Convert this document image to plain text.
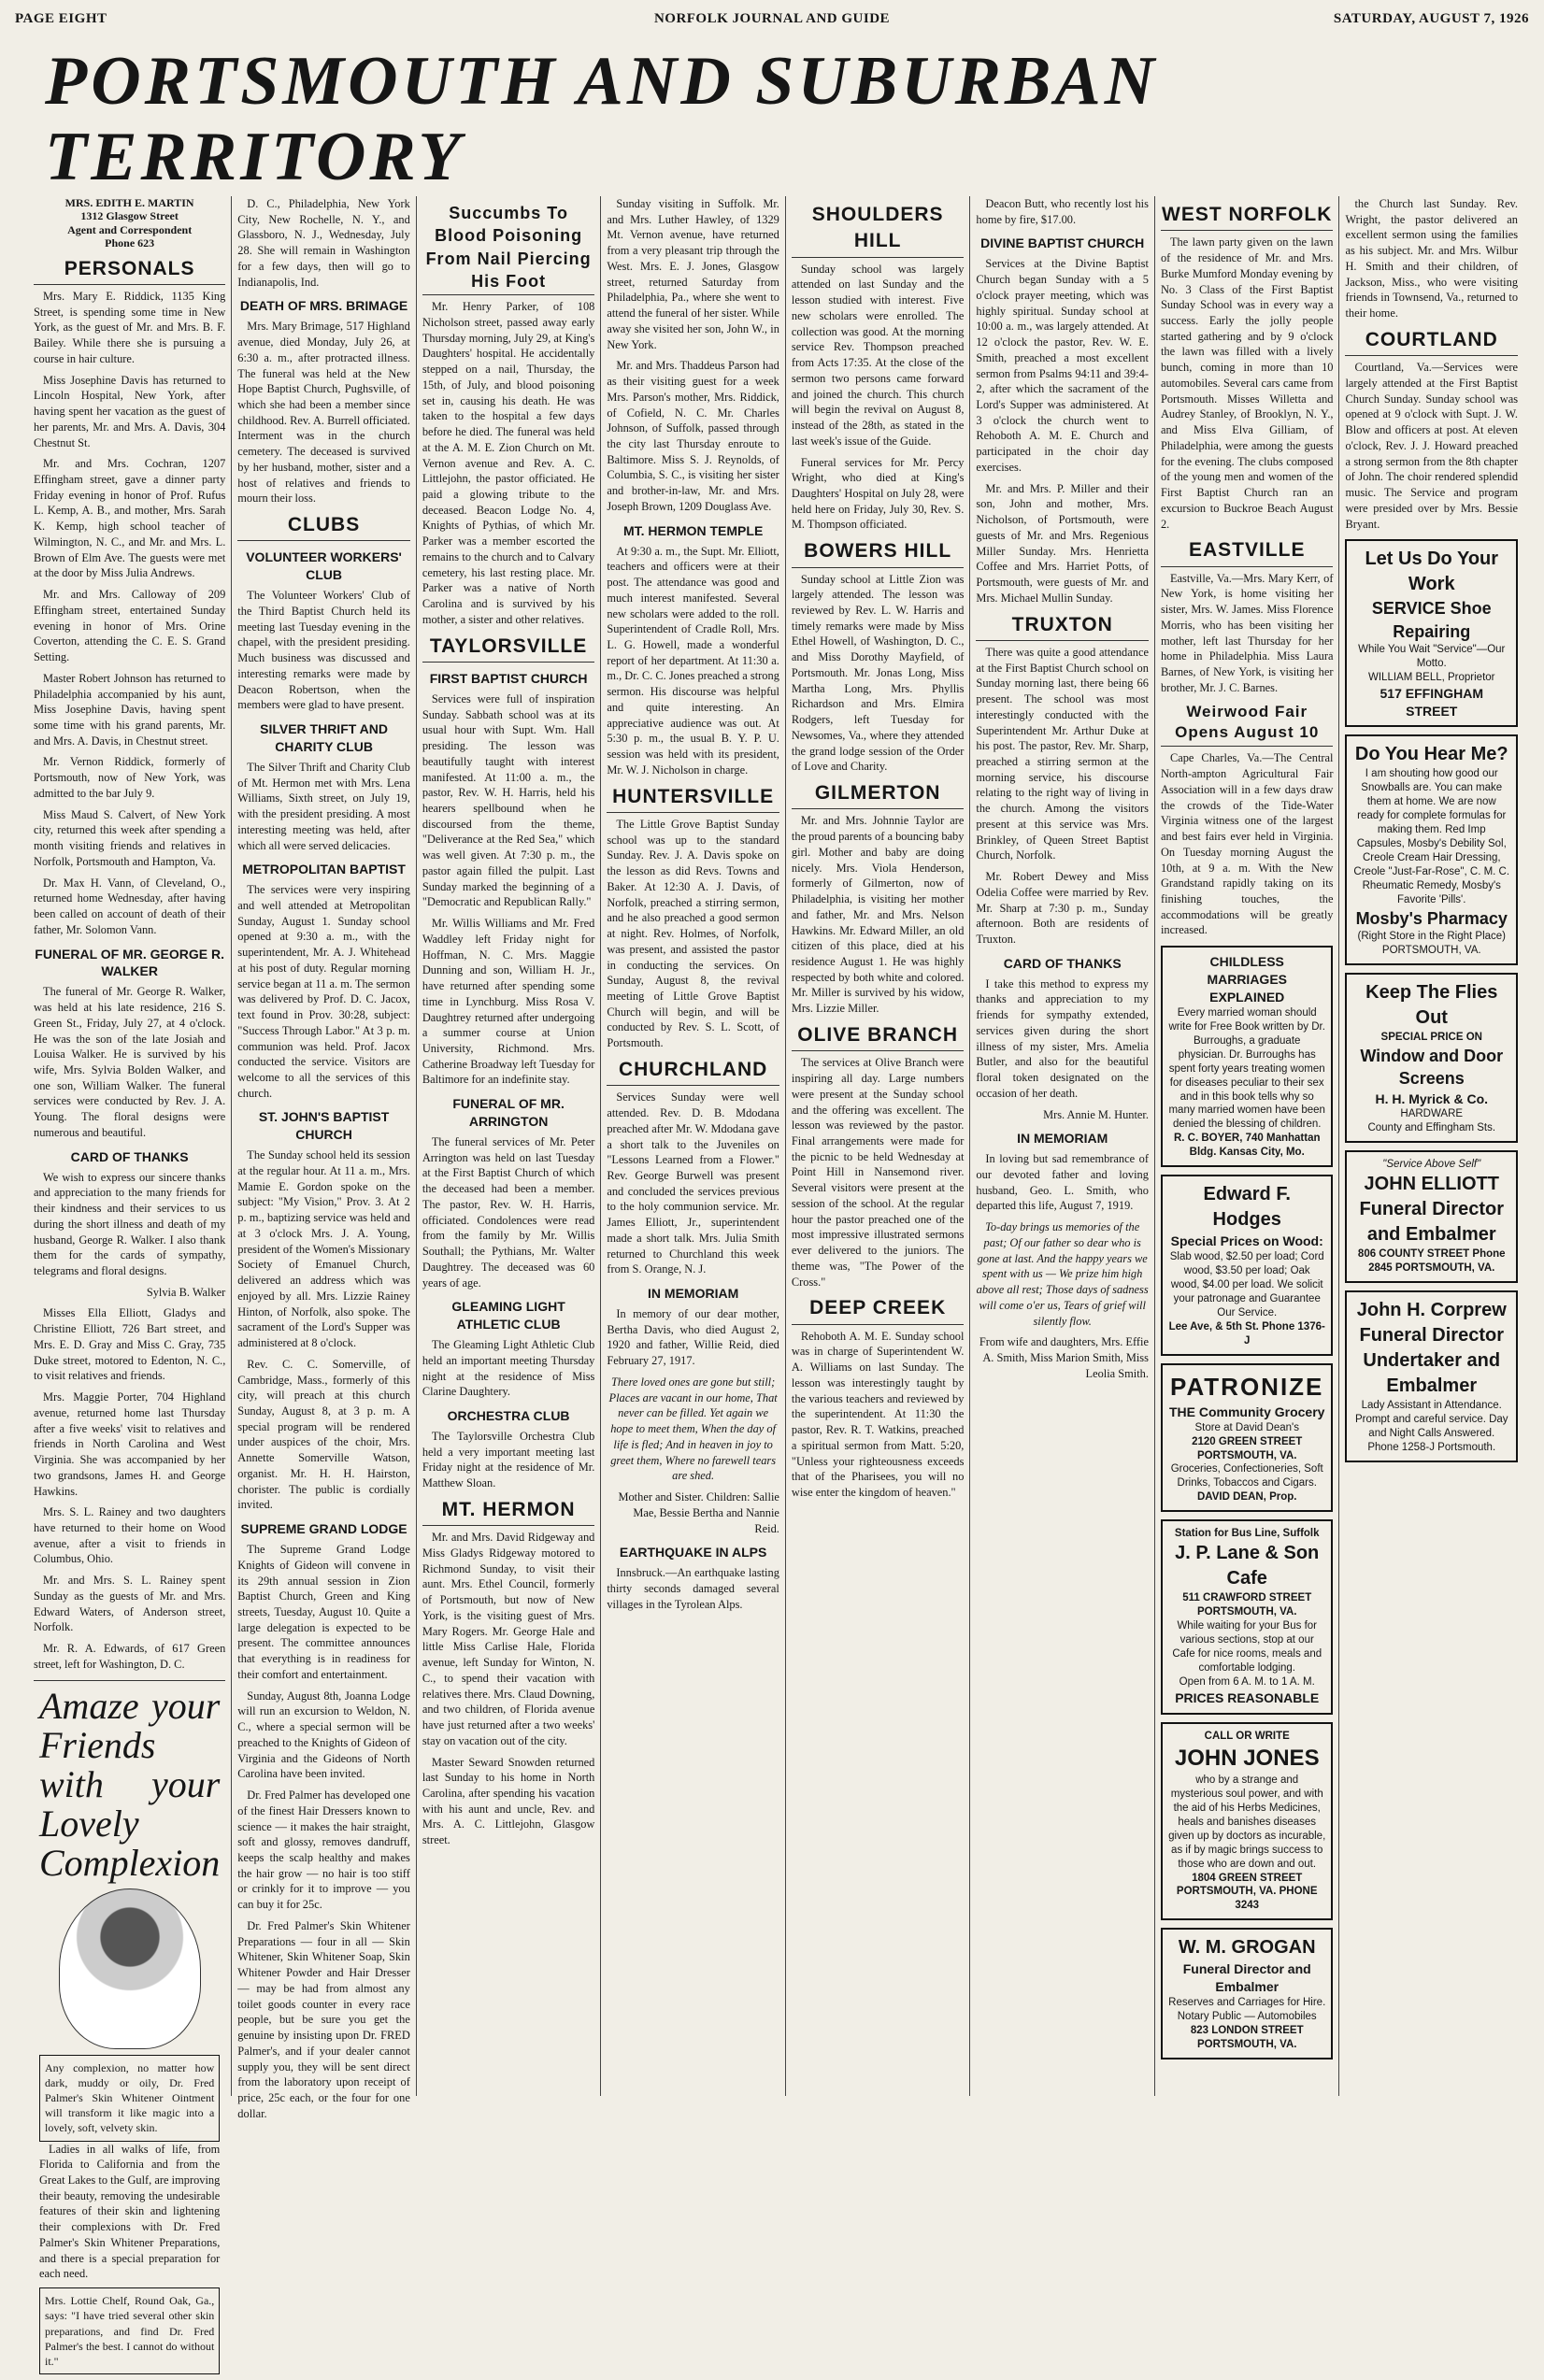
PAGE EIGHT	NORFOLK JOURNAL AND GUIDE	SATURDAY, AUGUST 7, 1926
PORTSMOUTH AND SUBURBAN TERRITORY
MRS. EDITH E. MARTIN
1312 Glasgow Street
Agent and Correspondent
Phone 623
PERSONALS

Mrs. Mary E. Riddick, 1135 King Street, is spending some time in New York, as the guest of Mr. and Mrs. B. F. Bailey. While there she is pursuing a course in hair culture.

Miss Josephine Davis has returned to Lincoln Hospital, New York, after having spent her vacation as the guest of her parents, Mr. and Mrs. A. Davis, 304 Chestnut St.

Mr. and Mrs. Cochran, 1207 Effingham street, gave a dinner party Friday evening in honor of Prof. Rufus L. Kemp, A. B., and mother, Mrs. Sarah K. Kemp, high school teacher of Wilmington, N. C., and Mr. and Mrs. L. Brown of Elm Ave. The guests were met at the door by Miss Julia Andrews.

Mr. and Mrs. Calloway of 209 Effingham street, entertained Sunday evening in honor of Mrs. Orine Coverton, attending the C. E. S. Grand Setting.

Master Robert Johnson has returned to Philadelphia accompanied by his aunt, Miss Josephine Davis, having spent some time with his grand parents, Mr. and Mrs. A. Davis, in Chestnut street.

Mr. Vernon Riddick, formerly of Portsmouth, now of New York, was admitted to the bar July 9.

Miss Maud S. Calvert, of New York city, returned this week after spending a month visiting friends and relatives in Norfolk, Portsmouth and Hampton, Va.

Dr. Max H. Vann, of Cleveland, O., returned home Wednesday, after having been called on account of death of their father, Mr. Solomon Vann.

FUNERAL OF MR. GEORGE R. WALKER

The funeral of Mr. George R. Walker, was held at his late residence, 216 S. Green St., Friday, July 27, at 4 o'clock. He was the son of the late Josiah and Louisa Walker. He is survived by his wife, Mrs. Sylvia Bolden Walker, and one son, William Walker. The funeral services were conducted by Rev. J. A. Young. The floral designs were numerous and beautiful.

CARD OF THANKS

We wish to express our sincere thanks and appreciation to the many friends for their kindness and their services to us during the short illness and death of my husband, George R. Walker. I also thank them for the cards of sympathy, telegrams and floral designs.

Sylvia B. Walker

Misses Ella Elliott, Gladys and Christine Elliott, 726 Bart street, and Mrs. E. D. Gray and Miss C. Gray, 735 Duke street, motored to Edenton, N. C., to visit relatives and friends.

Mrs. Maggie Porter, 704 Highland avenue, returned home last Thursday after a five weeks' visit to relatives and friends in North Carolina and West Virginia. She was accompanied by her two grandsons, James H. and George Hawkins.

Mrs. S. L. Rainey and two daughters have returned to their home on Wood avenue, after a visit to friends in Columbus, Ohio.

Mr. and Mrs. S. L. Rainey spent Sunday as the guests of Mr. and Mrs. Edward Waters, of Anderson street, Norfolk.

Mr. R. A. Edwards, of 617 Green street, left for Washington, D. C.

Amaze your Friends with your Lovely Complexion
Any complexion, no matter how dark, muddy or oily, Dr. Fred Palmer's Skin Whitener Ointment will transform it like magic into a lovely, soft, velvety skin.

Ladies in all walks of life, from Florida to California and from the Great Lakes to the Gulf, are improving their beauty, removing the undesirable features of their skin and lightening their complexions with Dr. Fred Palmer's Skin Whitener Preparations, and there is a special preparation for each need.

Mrs. Lottie Chelf, Round Oak, Ga., says: "I have tried several other skin preparations, and find Dr. Fred Palmer's the best. I cannot do without it."

D. C., Philadelphia, New York City, New Rochelle, N. Y., and Glassboro, N. J., Wednesday, July 28. She will remain in Washington for a few days, then will go to Indianapolis, Ind.

DEATH OF MRS. BRIMAGE

Mrs. Mary Brimage, 517 Highland avenue, died Monday, July 26, at 6:30 a. m., after protracted illness. The funeral was held at the New Hope Baptist Church, Pughsville, of which she had been a member since childhood. Rev. A. Burrell officiated. Interment was in the church cemetery. The deceased is survived by her husband, mother, sister and a host of relatives and friends to mourn their loss.

CLUBS
VOLUNTEER WORKERS' CLUB

The Volunteer Workers' Club of the Third Baptist Church held its meeting last Tuesday evening in the chapel, with the president presiding. Much business was discussed and interesting remarks were made by Deacon Robertson, when the members were glad to have present.

SILVER THRIFT AND CHARITY CLUB

The Silver Thrift and Charity Club of Mt. Hermon met with Mrs. Lena Williams, Sixth street, on July 19, with the president presiding. A most interesting meeting was held, after which all were served delicacies.

METROPOLITAN BAPTIST

The services were very inspiring and well attended at Metropolitan Sunday, August 1. Sunday school opened at 9:30 a. m., with the superintendent, Mr. A. J. Whitehead at his post of duty. Regular morning service began at 11 a. m. The sermon was delivered by Prof. D. C. Jacox, text found in Prov. 30:28, subject: "Success Through Labor." At 3 p. m. communion was held. Prof. Jacox conducted the service. Visitors are welcome to all the services of this church.

ST. JOHN'S BAPTIST CHURCH

The Sunday school held its session at the regular hour. At 11 a. m., Mrs. Mamie E. Gordon spoke on the subject: "My Vision," Prov. 3. At 2 p. m., baptizing service was held and at 3 o'clock Mrs. J. A. Young, president of the Women's Missionary Society of Emanuel Church, delivered an address which was enjoyed by all. Mrs. Lizzie Rainey Hinton, of Norfolk, also spoke. The sacrament of the Lord's Supper was administered at 8 o'clock.

Rev. C. C. Somerville, of Cambridge, Mass., formerly of this city, will preach at this church Sunday, August 8, at 3 p. m. A special program will be rendered under auspices of the choir, Mrs. Annette Somerville Watson, organist. Mr. H. H. Hairston, chorister. The public is cordially invited.

SUPREME GRAND LODGE

The Supreme Grand Lodge Knights of Gideon will convene in its 29th annual session in Zion Baptist Church, Green and King streets, Tuesday, August 10. Quite a large delegation is expected to be present. The committee announces that everything is in readiness for their comfort and entertainment.

Sunday, August 8th, Joanna Lodge will run an excursion to Weldon, N. C., where a special sermon will be preached to the Knights of Gideon of Virginia and the Gideons of North Carolina have been invited.

Dr. Fred Palmer has developed one of the finest Hair Dressers known to science — it makes the hair straight, soft and glossy, removes dandruff, keeps the scalp healthy and makes the hair grow — no hair is too stiff or crinkly for it to improve — you can buy it for 25c.

Dr. Fred Palmer's Skin Whitener Preparations — four in all — Skin Whitener, Skin Whitener Soap, Skin Whitener Powder and Hair Dresser — may be had from almost any toilet goods counter in every race people, but be sure you get the genuine by insisting upon Dr. FRED Palmer's, and if your dealer cannot supply you, they will be sent direct from the laboratory upon receipt of price, 25c each, or the four for one dollar.

Succumbs To Blood Poisoning From Nail Piercing His Foot

Mr. Henry Parker, of 108 Nicholson street, passed away early Thursday morning, July 29, at King's Daughters' hospital. He accidentally stepped on a nail, Thursday, the 15th, of July, and blood poisoning set in, causing his death. He was taken to the hospital a few days before he died. The funeral was held at the A. M. E. Zion Church on Mt. Vernon avenue and Rev. A. C. Littlejohn, the pastor officiated. He paid a glowing tribute to the deceased. Beacon Lodge No. 4, Knights of Pythias, of which Mr. Parker was a member escorted the remains to the church and to Calvary cemetery, his last resting place. Mr. Parker was a native of North Carolina and is survived by his mother, a sister and other relatives.

TAYLORSVILLE
FIRST BAPTIST CHURCH

Services were full of inspiration Sunday. Sabbath school was at its usual hour with Supt. Wm. Hall presiding. The lesson was beautifully taught with interest manifested. At 11:00 a. m., the pastor, Rev. W. H. Harris, held his hearers spellbound when he discoursed from the theme, "Deliverance at the Red Sea," which was well given. At 7:30 p. m., the pastor again filled the pulpit. Last Sunday marked the beginning of a "Democratic and Republican Rally."

Mr. Willis Williams and Mr. Fred Waddley left Friday night for Hoffman, N. C. Mrs. Maggie Dunning and son, William H. Jr., have returned after spending some time in Lynchburg. Miss Rosa V. Daughtrey returned after undergoing a summer course at Union University, Richmond. Mrs. Catherine Broadway left Tuesday for Baltimore for an indefinite stay.

FUNERAL OF MR. ARRINGTON

The funeral services of Mr. Peter Arrington was held on last Tuesday at the First Baptist Church of which the deceased had been a member. The pastor, Rev. W. H. Harris, officiated. Condolences were read from the family by Mr. Willis Southall; the Pythians, Mr. Walter Daughtrey. The deceased was 60 years of age.

GLEAMING LIGHT ATHLETIC CLUB

The Gleaming Light Athletic Club held an important meeting Thursday night at the residence of Miss Clarine Daughtery.

ORCHESTRA CLUB

The Taylorsville Orchestra Club held a very important meeting last Friday night at the residence of Mr. Matthew Sloan.

MT. HERMON

Mr. and Mrs. David Ridgeway and Miss Gladys Ridgeway motored to Richmond Sunday, to visit their aunt. Mrs. Ethel Council, formerly of Portsmouth, but now of New York, is the visiting guest of Mrs. Mary Rogers. Mr. George Hale and little Miss Carlise Hale, Florida avenue, left Sunday for Winton, N. C., to spend their vacation with relatives there. Mrs. Claud Downing, and two children, of Florida avenue have just returned after a two weeks' stay on vacation out of the city.

Master Seward Snowden returned last Sunday to his home in North Carolina, after spending his vacation with his aunt and uncle, Rev. and Mrs. A. C. Littlejohn, Glasgow street.

Sunday visiting in Suffolk. Mr. and Mrs. Luther Hawley, of 1329 Mt. Vernon avenue, have returned from a very pleasant trip through the West. Mrs. E. J. Jones, Glasgow street, returned Saturday from Philadelphia, Pa., where she went to attend the funeral of her sister. While away she visited her son, John W., in New York.

Mr. and Mrs. Thaddeus Parson had as their visiting guest for a week Mrs. Parson's mother, Mrs. Riddick, of Cofield, N. C. Mr. Charles Johnson, of Suffolk, passed through the city last Thursday enroute to Baltimore. Miss S. J. Reynolds, of Columbia, S. C., is visiting her sister and brother-in-law, Mr. and Mrs. Joseph Brown, 1209 Douglass Ave.

MT. HERMON TEMPLE

At 9:30 a. m., the Supt. Mr. Elliott, teachers and officers were at their post. The attendance was good and much interest manifested. Several new scholars were added to the roll. Superintendent of Cradle Roll, Mrs. L. G. Howell, made a wonderful report of her department. At 11:30 a. m., Dr. C. C. Jones preached a strong sermon. His discourse was helpful and quite interesting. An appreciative audience was out. At 5:30 p. m., the usual B. Y. P. U. session was held with its president, Mr. W. J. Nicholson in charge.

HUNTERSVILLE

The Little Grove Baptist Sunday school was up to the standard Sunday. Rev. J. A. Davis spoke on the lesson as did Revs. Towns and Baker. At 12:30 A. J. Davis, of Norfolk, preached a stirring sermon, and he also preached a good sermon at night. Rev. Holmes, of Norfolk, was present, and assisted the pastor in conducting the services. On Sunday, August 8, the revival meeting of Little Grove Baptist Church will begin, and will be conducted by Rev. S. L. Scott, of Portsmouth.

CHURCHLAND

Services Sunday were well attended. Rev. D. B. Mdodana preached after Mr. W. Mdodana gave a short talk to the Juveniles on "Lessons Learned from a Flower." Rev. George Burwell was present and concluded the services previous to the holy communion service. Mr. James Elliott, Jr., superintendent made a short talk. Mrs. Julia Smith returned to Churchland this week from S. Orange, N. J.

IN MEMORIAM

In memory of our dear mother, Bertha Davis, who died August 2, 1920 and father, Willie Reid, died February 27, 1917.

There loved ones are gone but still; Places are vacant in our home, That never can be filled. Yet again we hope to meet them, When the day of life is fled; And in heaven in joy to greet them, Where no farewell tears are shed.

Mother and Sister. Children: Sallie Mae, Bessie Bertha and Nannie Reid.

EARTHQUAKE IN ALPS

Innsbruck.—An earthquake lasting thirty seconds damaged several villages in the Tyrolean Alps.

SHOULDERS HILL

Sunday school was largely attended on last Sunday and the lesson studied with interest. Five new scholars were enrolled. The collection was good. At the morning service Rev. Thompson preached from Acts 17:35. At the close of the sermon two persons came forward and joined the church. This church will begin the revival on August 8, instead of the 28th, as stated in the last week's issue of the Guide.

Funeral services for Mr. Percy Wright, who died at King's Daughters' Hospital on July 28, were held here on Friday, July 30, Rev. S. M. Thompson officiated.

BOWERS HILL

Sunday school at Little Zion was largely attended. The lesson was reviewed by Rev. L. W. Harris and timely remarks were made by Miss Ethel Howell, of Washington, D. C., and Miss Dorothy Mayfield, of Portsmouth. Mr. Jonas Long, Miss Martha Long, Mrs. Phyllis Richardson and Mrs. Elmira Rodgers, left Tuesday for Newsomes, Va., where they attended the grand lodge session of the Order of Love and Charity.

GILMERTON

Mr. and Mrs. Johnnie Taylor are the proud parents of a bouncing baby girl. Mother and baby are doing nicely. Mrs. Viola Henderson, formerly of Gilmerton, now of Philadelphia, is visiting her mother and father, Mr. and Mrs. Nelson Hawkins. Mr. Edward Miller, an old citizen of this place, died at his residence August 1. He was highly respected by both white and colored. Mr. Miller is survived by his widow, Mrs. Lizzie Miller.

OLIVE BRANCH

The services at Olive Branch were inspiring all day. Large numbers were present at the Sunday school and the offering was excellent. The lesson was reviewed by the pastor. Final arrangements were made for the picnic to be held Wednesday at Point Hill in Nansemond river. Several visitors were present at the session of the school. At the regular hour the pastor preached one of the most impressive illustrated sermons ever delivered to the juniors. The theme was, "The Power of the Cross."

DEEP CREEK

Rehoboth A. M. E. Sunday school was in charge of Superintendent W. A. Williams on last Sunday. The lesson was interestingly taught by the various teachers and reviewed by the superintendent. At 11:30 the pastor, Rev. R. T. Watkins, preached a spiritual sermon from Matt. 5:20, "Unless your righteousness exceeds that of the Pharisees, you will no wise enter the kingdom of heaven."

Deacon Butt, who recently lost his home by fire, $17.00.

DIVINE BAPTIST CHURCH

Services at the Divine Baptist Church began Sunday with a 5 o'clock prayer meeting, which was highly spiritual. Sunday school at 10:00 a. m., was largely attended. At 12 o'clock the pastor, Rev. W. E. Smith, preached a most excellent sermon from Psalms 94:11 and 39:4-2, after which the sacrament of the Lord's Supper was administered. At 3 o'clock the church went to Rehoboth A. M. E. Church and participated in the choir day exercises.

Mr. and Mrs. P. Miller and their son, John and mother, Mrs. Nicholson, of Portsmouth, were guests of Mr. and Mrs. Regenious Miller Sunday. Mrs. Henrietta Coffee and Mrs. Harriet Potts, of Portsmouth, were guests of Mr. and Mrs. Michael Mullin Sunday.

TRUXTON

There was quite a good attendance at the First Baptist Church school on Sunday morning last, there being 66 present. The school was most interestingly conducted with the Superintendent Mr. Arthur Duke at his post. The pastor, Rev. Mr. Sharp, preached a stirring sermon at the morning service, his discourse relating to the right way of living in the church. Among the visitors present at this service was Mrs. Brinkley, of Queen Street Baptist Church, Norfolk.

Mr. Robert Dewey and Miss Odelia Coffee were married by Rev. Mr. Sharp at 7:30 p. m., Sunday afternoon. Both are residents of Truxton.

CARD OF THANKS

I take this method to express my thanks and appreciation to my friends for sympathy extended, services given during the short illness of my sister, Mrs. Amelia Butler, and also for the beautiful floral token designated on the occasion of her death.

Mrs. Annie M. Hunter.

IN MEMORIAM

In loving but sad remembrance of our devoted father and loving husband, Geo. L. Smith, who departed this life, August 7, 1919.

To-day brings us memories of the past; Of our father so dear who is gone at last. And the happy years we spent with us — We prize him high above all rest; Those days of sadness will come o'er us, Tears of grief will silently flow.

From wife and daughters, Mrs. Effie A. Smith, Miss Marion Smith, Miss Leolia Smith.

WEST NORFOLK

The lawn party given on the lawn of the residence of Mr. and Mrs. Burke Mumford Monday evening by No. 3 Class of the First Baptist Sunday School was in every way a success. Early the jolly people started gathering and by 9 o'clock the lawn was filled with a lively bunch, coming in more than 10 automobiles. Several cars came from Portsmouth. Misses Willetta and Audrey Stanley, of Brooklyn, N. Y., and Miss Elva Gilliam, of Philadelphia, were among the guests for the evening. The clubs composed of the young men and women of the First Baptist Church ran an excursion to Buckroe Beach August 2.

EASTVILLE

Eastville, Va.—Mrs. Mary Kerr, of New York, is home visiting her sister, Mrs. W. James. Miss Florence Morris, who has been visiting her mother, left last Thursday for her home in Philadelphia. Miss Laura Barnes, of New York, is visiting her brother, Mr. J. C. Barnes.

Weirwood Fair Opens August 10

Cape Charles, Va.—The Central North-ampton Agricultural Fair Association will in a few days draw the crowds of the Tide-Water Virginia witness one of the largest and best fairs ever held in Virginia. On Tuesday morning August the 10th, at 9 a. m. With the New Grandstand rapidly taking on its finishing touches, the accommodations will be greatly increased.

CHILDLESS MARRIAGES EXPLAINED
Every married woman should write for Free Book written by Dr. Burroughs, a graduate physician. Dr. Burroughs has spent forty years treating women for diseases peculiar to their sex and in this book tells why so many married women have been denied the blessing of children.
R. C. BOYER, 740 Manhattan Bldg. Kansas City, Mo.
Edward F. Hodges
Special Prices on Wood:
Slab wood, $2.50 per load; Cord wood, $3.50 per load; Oak wood, $4.00 per load. We solicit your patronage and Guarantee Our Service.
Lee Ave, & 5th St. Phone 1376-J
PATRONIZE
THE Community Grocery
Store at David Dean's
2120 GREEN STREET PORTSMOUTH, VA.
Groceries, Confectioneries, Soft Drinks, Tobaccos and Cigars.
DAVID DEAN, Prop.
Station for Bus Line, Suffolk
J. P. Lane & Son Cafe
511 CRAWFORD STREET PORTSMOUTH, VA.
While waiting for your Bus for various sections, stop at our Cafe for nice rooms, meals and comfortable lodging.
Open from 6 A. M. to 1 A. M.
PRICES REASONABLE
CALL OR WRITE
JOHN JONES
who by a strange and mysterious soul power, and with the aid of his Herbs Medicines, heals and banishes diseases given up by doctors as incurable, as if by magic brings success to those who are down and out.
1804 GREEN STREET PORTSMOUTH, VA. PHONE 3243
W. M. GROGAN
Funeral Director and Embalmer
Reserves and Carriages for Hire. Notary Public — Automobiles
823 LONDON STREET PORTSMOUTH, VA.

the Church last Sunday. Rev. Wright, the pastor delivered an excellent sermon using the families as his subject. Mr. and Mrs. Wilbur H. Smith and their children, of Jackson, Miss., who were visiting friends in Townsend, Va., returned to their home.

COURTLAND

Courtland, Va.—Services were largely attended at the First Baptist Church Sunday. Sunday school was opened at 9 o'clock with Supt. J. W. Blow and officers at post. At eleven o'clock, Rev. J. J. Howard preached a strong sermon from the 8th chapter of John. The choir rendered splendid music. The Service and program were presided over by Mrs. Bessie Bryant.

Let Us Do Your Work
SERVICE Shoe Repairing
While You Wait "Service"—Our Motto.
WILLIAM BELL, Proprietor
517 EFFINGHAM STREET
Do You Hear Me?
I am shouting how good our Snowballs are. You can make them at home. We are now ready for complete formulas for making them. Red Imp Capsules, Mosby's Debility Sol, Creole Cream Hair Dressing, Creole "Just-Far-Rose", C. M. C. Rheumatic Remedy, Mosby's Favorite 'Pills'.
Mosby's Pharmacy
(Right Store in the Right Place) PORTSMOUTH, VA.
Keep The Flies Out
SPECIAL PRICE ON
Window and Door Screens
H. H. Myrick & Co.
HARDWARE
County and Effingham Sts.
"Service Above Self"
JOHN ELLIOTT Funeral Director and Embalmer
806 COUNTY STREET Phone 2845 PORTSMOUTH, VA.
John H. Corprew Funeral Director Undertaker and Embalmer
Lady Assistant in Attendance. Prompt and careful service. Day and Night Calls Answered. Phone 1258-J Portsmouth.
